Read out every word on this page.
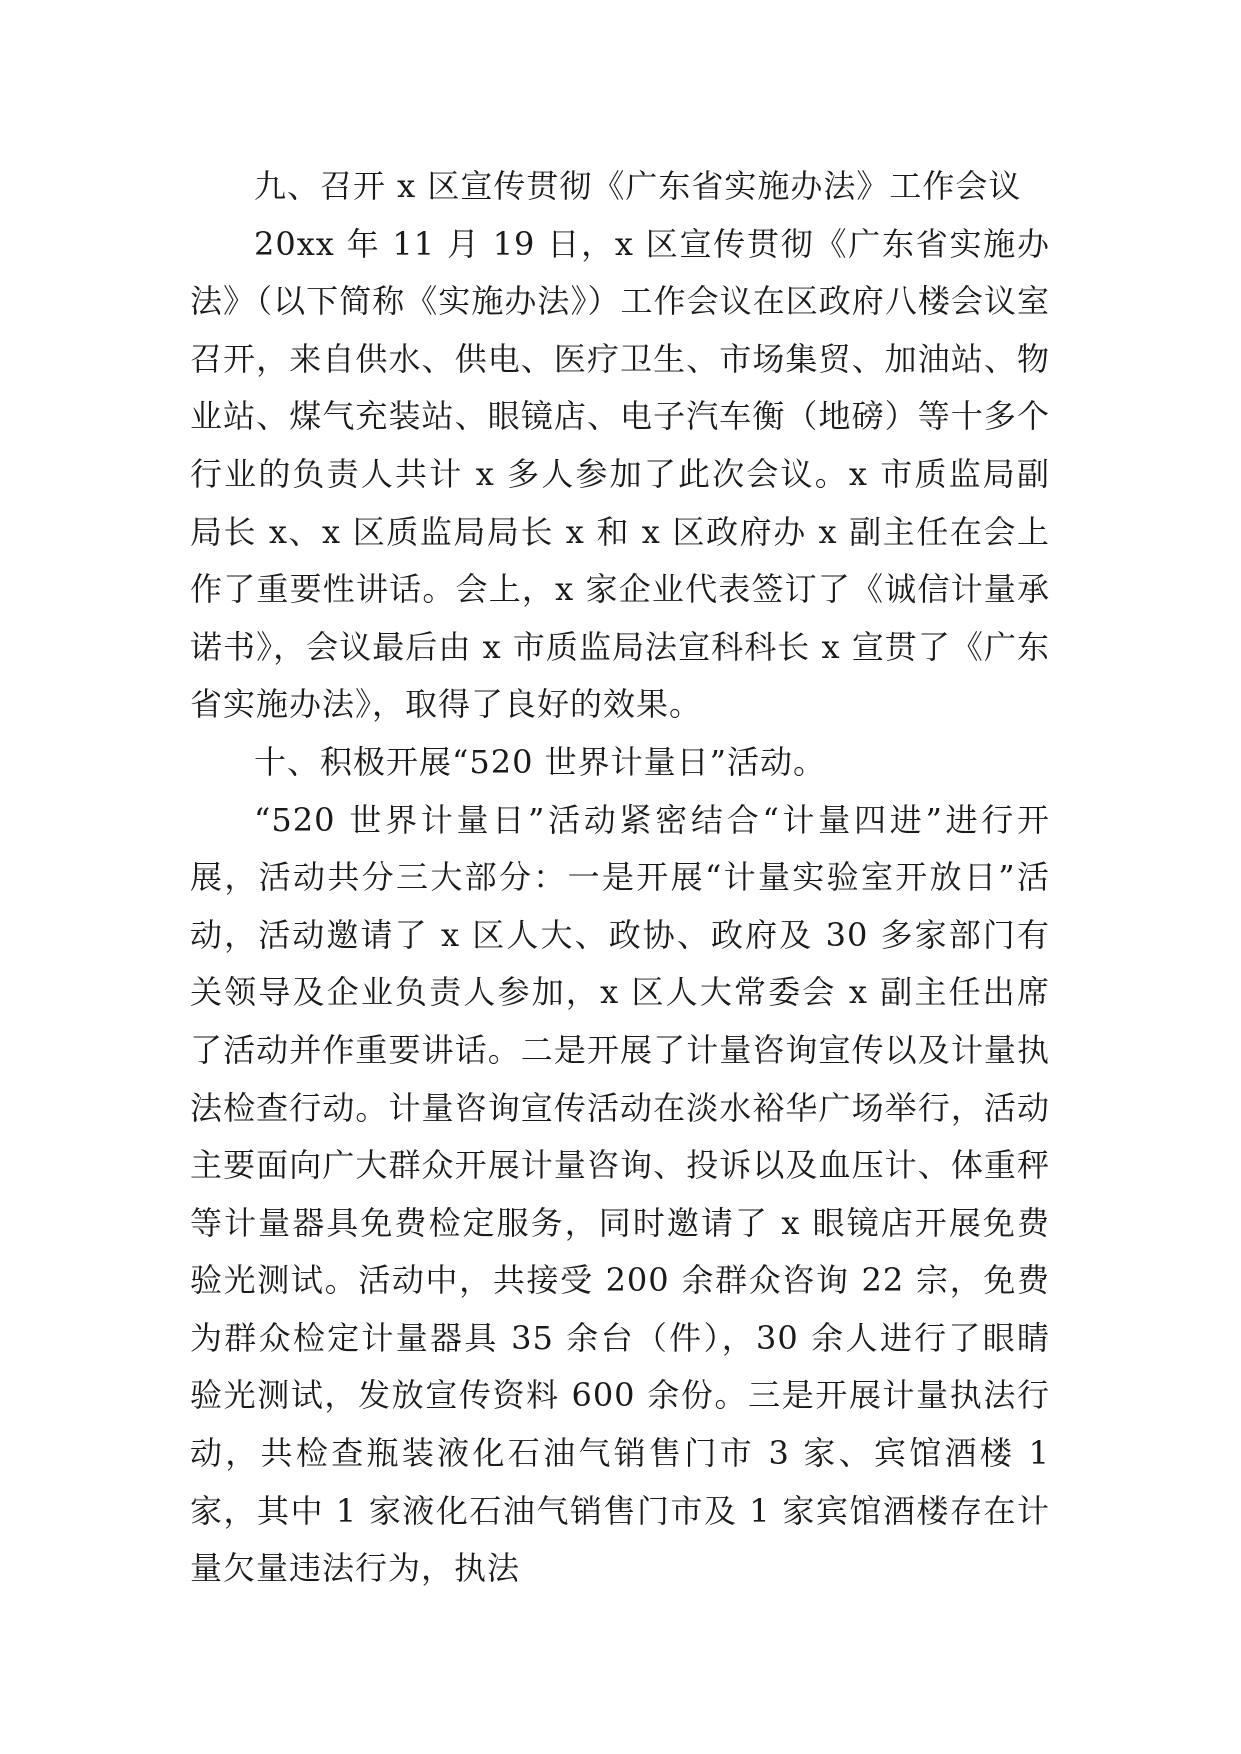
九、召开 x 区宣传贯彻《广东省实施办法》工作会议

20xx 年 11 月 19 日，x 区宣传贯彻《广东省实施办法》（以下简称《实施办法》）工作会议在区政府八楼会议室召开，来自供水、供电、医疗卫生、市场集贸、加油站、物业站、煤气充装站、眼镜店、电子汽车衡（地磅）等十多个行业的负责人共计 x 多人参加了此次会议。x 市质监局副局长 x、x 区质监局局长 x 和 x 区政府办 x 副主任在会上作了重要性讲话。会上，x 家企业代表签订了《诚信计量承诺书》，会议最后由 x 市质监局法宣科科长 x 宣贯了《广东省实施办法》，取得了良好的效果。

十、积极开展“520 世界计量日”活动。

“520 世界计量日”活动紧密结合“计量四进”进行开展，活动共分三大部分：一是开展“计量实验室开放日”活动，活动邀请了 x 区人大、政协、政府及 30 多家部门有关领导及企业负责人参加，x 区人大常委会 x 副主任出席了活动并作重要讲话。二是开展了计量咨询宣传以及计量执法检查行动。计量咨询宣传活动在淡水裕华广场举行，活动主要面向广大群众开展计量咨询、投诉以及血压计、体重秤等计量器具免费检定服务，同时邀请了 x 眼镜店开展免费验光测试。活动中，共接受 200 余群众咨询 22 宗，免费为群众检定计量器具 35 余台（件），30 余人进行了眼睛验光测试，发放宣传资料 600 余份。三是开展计量执法行动，共检查瓶装液化石油气销售门市 3 家、宾馆酒楼 1 家，其中 1 家液化石油气销售门市及 1 家宾馆酒楼存在计量欠量违法行为，执法
